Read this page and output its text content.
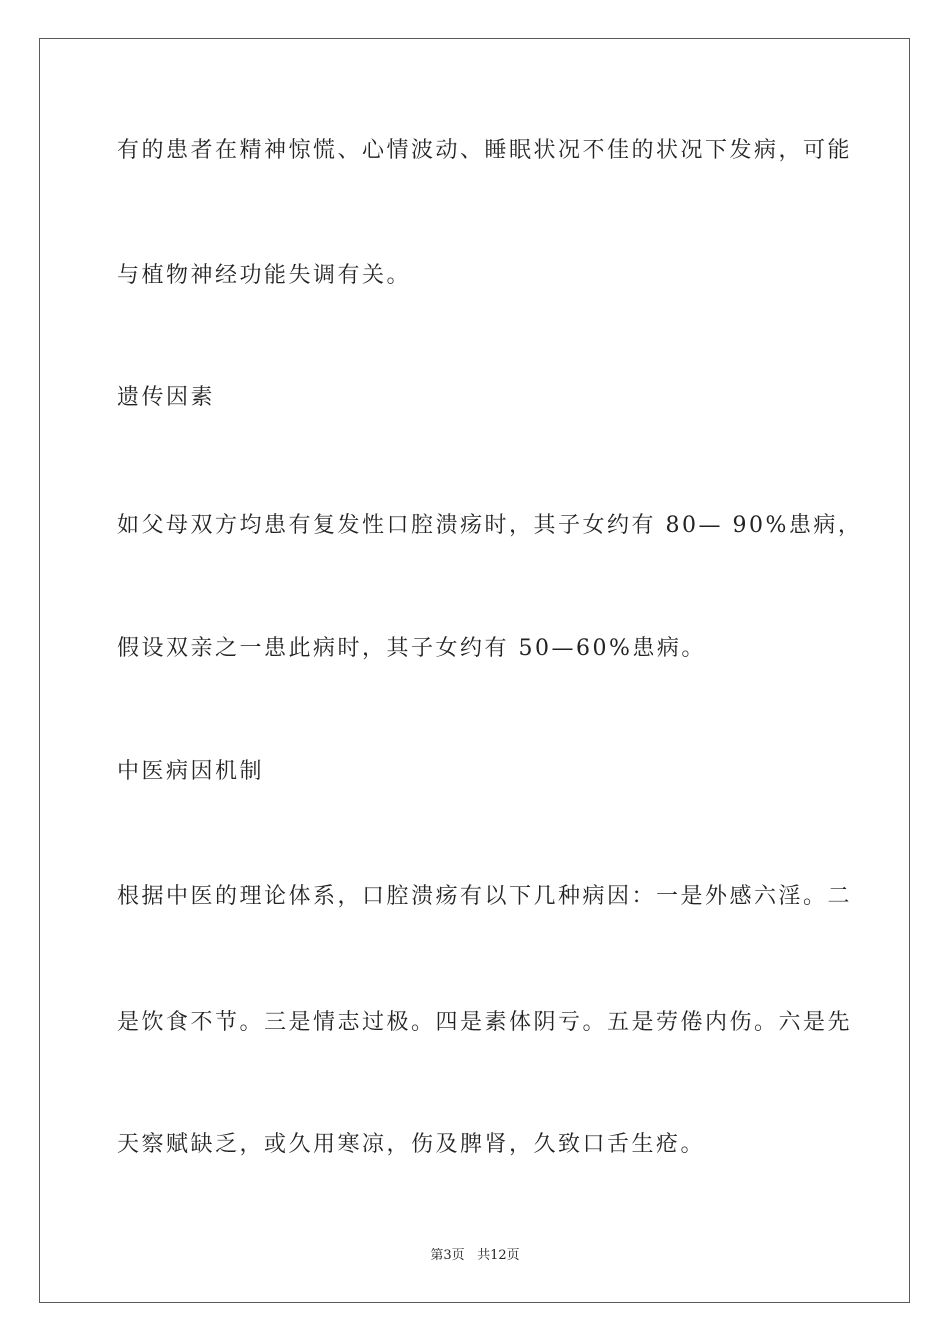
有的患者在精神惊慌、心情波动、睡眠状况不佳的状况下发病，可能
与植物神经功能失调有关。
遗传因素
如父母双方均患有复发性口腔溃疡时，其子女约有 80— 90%患病，
假设双亲之一患此病时，其子女约有 50—60%患病。
中医病因机制
根据中医的理论体系，口腔溃疡有以下几种病因：一是外感六淫。二
是饮食不节。三是情志过极。四是素体阴亏。五是劳倦内伤。六是先
天察赋缺乏，或久用寒凉，伤及脾肾，久致口舌生疮。
第3页 共12页
